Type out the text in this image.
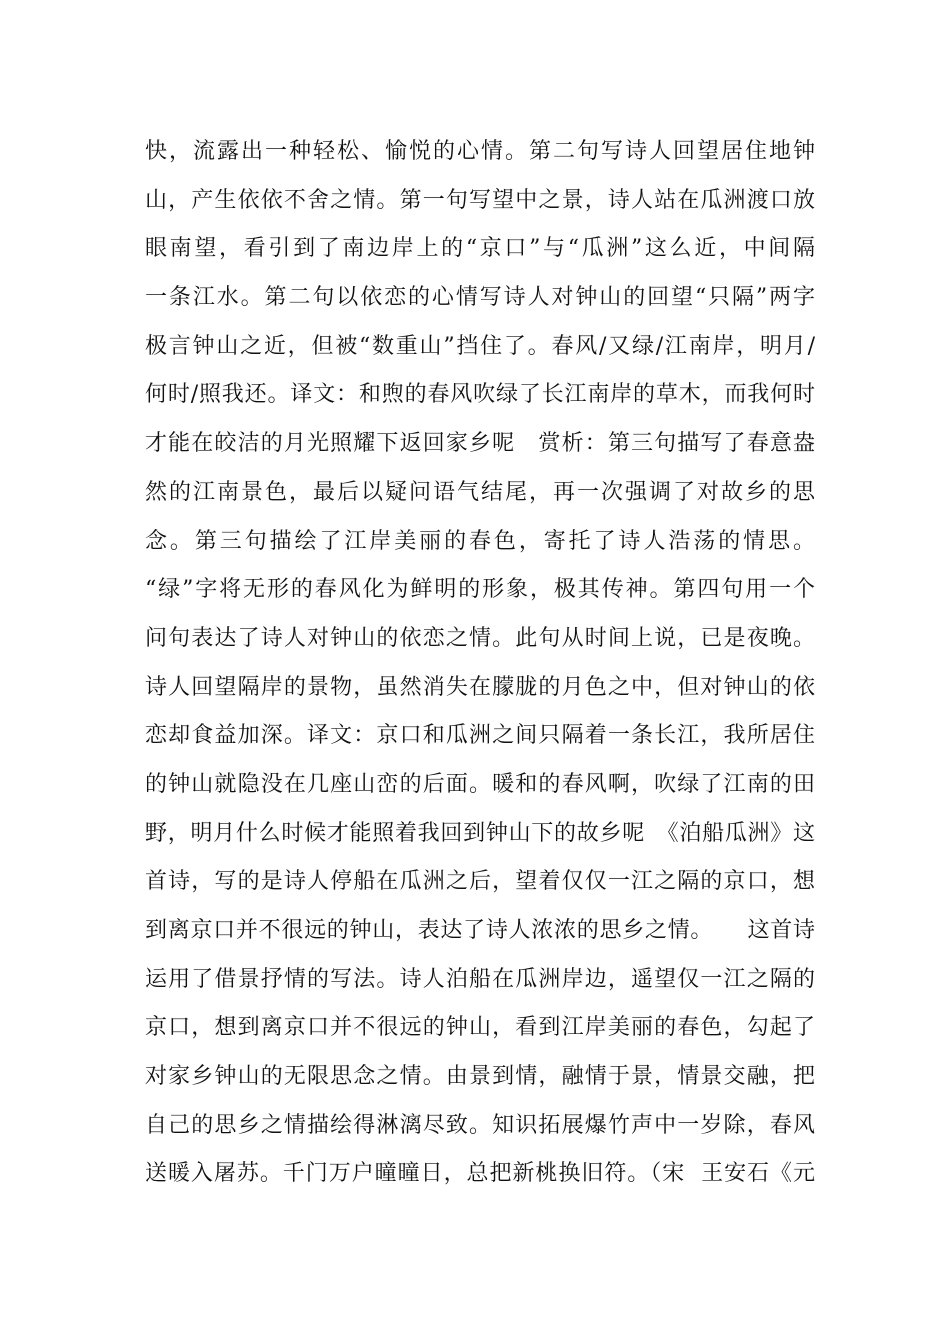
快，流露出一种轻松、愉悦的心情。第二句写诗人回望居住地钟
山，产生依依不舍之情。第一句写望中之景，诗人站在瓜洲渡口放
眼南望，看引到了南边岸上的“京口”与“瓜洲”这么近，中间隔
一条江水。第二句以依恋的心情写诗人对钟山的回望“只隔”两字
极言钟山之近，但被“数重山”挡住了。春风/又绿/江南岸，明月/
何时/照我还。译文：和煦的春风吹绿了长江南岸的草木，而我何时
才能在皎洁的月光照耀下返回家乡呢　赏析：第三句描写了春意盎
然的江南景色，最后以疑问语气结尾，再一次强调了对故乡的思
念。第三句描绘了江岸美丽的春色，寄托了诗人浩荡的情思。
“绿”字将无形的春风化为鲜明的形象，极其传神。第四句用一个
问句表达了诗人对钟山的依恋之情。此句从时间上说，已是夜晚。
诗人回望隔岸的景物，虽然消失在朦胧的月色之中，但对钟山的依
恋却食益加深。译文：京口和瓜洲之间只隔着一条长江，我所居住
的钟山就隐没在几座山峦的后面。暖和的春风啊，吹绿了江南的田
野，明月什么时候才能照着我回到钟山下的故乡呢　《泊船瓜洲》这
首诗，写的是诗人停船在瓜洲之后，望着仅仅一江之隔的京口，想
到离京口并不很远的钟山，表达了诗人浓浓的思乡之情。　　这首诗
运用了借景抒情的写法。诗人泊船在瓜洲岸边，遥望仅一江之隔的
京口，想到离京口并不很远的钟山，看到江岸美丽的春色，勾起了
对家乡钟山的无限思念之情。由景到情，融情于景，情景交融，把
自己的思乡之情描绘得淋漓尽致。知识拓展爆竹声中一岁除，春风
送暖入屠苏。千门万户曈曈日，总把新桃换旧符。（宋  王安石《元
